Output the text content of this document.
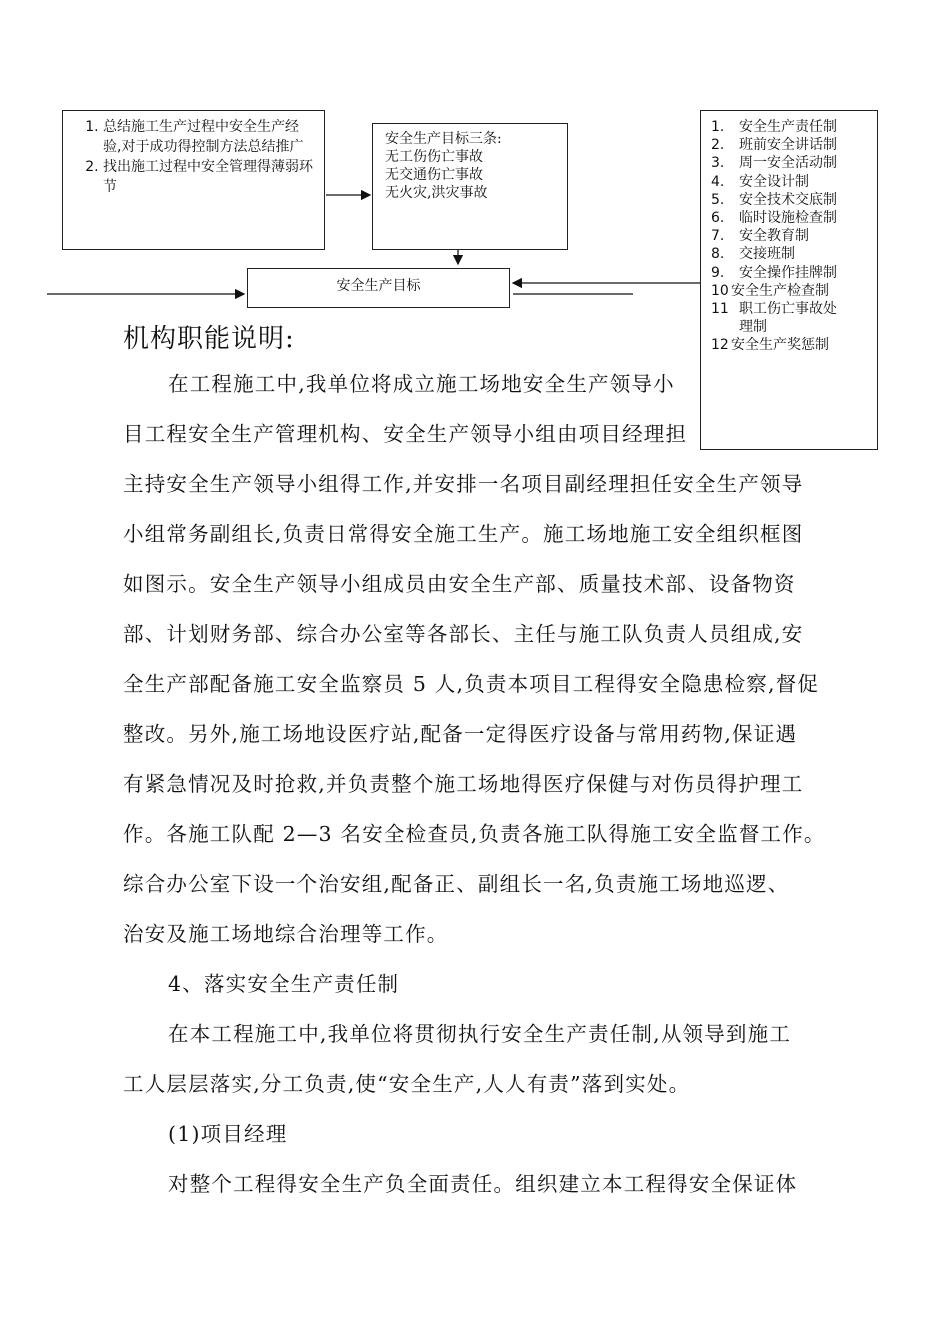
1. 总结施工生产过程中安全生产经验,对于成功得控制方法总结推广
2. 找出施工过程中安全管理得薄弱环节
安全生产目标三条:
无工伤伤亡事故
无交通伤亡事故
无火灾,洪灾事故
安全生产目标
1.	安全生产责任制
2.	班前安全讲话制
3.	周一安全活动制
4.	安全设计制
5.	安全技术交底制
6.	临时设施检查制
7.	安全教育制
8.	交接班制
9.	安全操作挂牌制
10 安全生产检查制
11 职工伤亡事故处
理制
12 安全生产奖惩制
机构职能说明:

在工程施工中,我单位将成立施工场地安全生产领导小

目工程安全生产管理机构、安全生产领导小组由项目经理担

主持安全生产领导小组得工作,并安排一名项目副经理担任安全生产领导

小组常务副组长,负责日常得安全施工生产。施工场地施工安全组织框图

如图示。安全生产领导小组成员由安全生产部、质量技术部、设备物资

部、计划财务部、综合办公室等各部长、主任与施工队负责人员组成,安

全生产部配备施工安全监察员 5 人,负责本项目工程得安全隐患检察,督促

整改。另外,施工场地设医疗站,配备一定得医疗设备与常用药物,保证遇

有紧急情况及时抢救,并负责整个施工场地得医疗保健与对伤员得护理工

作。各施工队配 2—3 名安全检查员,负责各施工队得施工安全监督工作。

综合办公室下设一个治安组,配备正、副组长一名,负责施工场地巡逻、

治安及施工场地综合治理等工作。

4、落实安全生产责任制

在本工程施工中,我单位将贯彻执行安全生产责任制,从领导到施工

工人层层落实,分工负责,使“安全生产,人人有责”落到实处。

(1)项目经理

对整个工程得安全生产负全面责任。组织建立本工程得安全保证体
